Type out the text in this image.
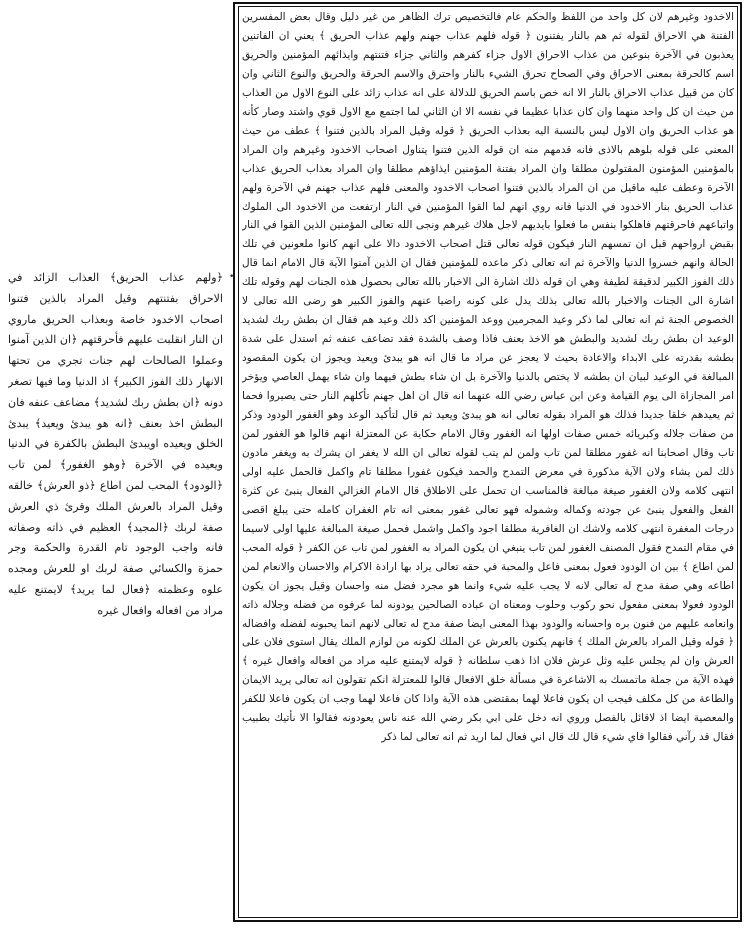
الاخدود وغيرهم لان كل واحد من اللفظ والحكم عام فالتخصيص ترك الظاهر من غير دليل وقال بعض المفسرين الفتنة هي الاحراق لقوله ثم هم بالنار يفتنون ﴿ قوله فلهم عذاب جهنم ولهم عذاب الحريق ﴾ يعني ان الفاتنين يعذبون في الآخرة بنوعين من عذاب الاحراق الاول جزاء كفرهم والثاني جزاء فتنتهم وايذائهم المؤمنين والحريق اسم كالحرقة بمعنى الاحراق وفي الصحاح تحرق الشيء بالنار واحترق والاسم الحرقة والحريق والنوع الثاني وان كان من قبيل عذاب الاحراق بالنار الا انه خص باسم الحريق للدلالة على انه عذاب زائد على النوع الاول من العذاب من حيث ان كل واحد منهما وان كان عذابا عظيما في نفسه الا ان الثاني لما اجتمع مع الاول قوي واشتد وصار كأنه هو عذاب الحريق وان الاول ليس بالنسبة اليه بعذاب الحريق ﴿ قوله وقيل المراد بالذين فتنوا ﴾ عطف من حيث المعنى على قوله بلوهم بالاذى فانه قدمهم منه ان قوله الذين فتنوا يتناول اصحاب الاخدود وغيرهم وان المراد بالمؤمنين المؤمنون المقتولون مطلقا وان المراد بفتنة المؤمنين ايذاؤهم مطلقا وان المراد بعذاب الحريق عذاب الآخرة وعطف عليه ماقيل من ان المراد بالذين فتنوا اصحاب الاخدود والمعنى فلهم عذاب جهنم في الآخرة ولهم عذاب الحريق بنار الاخدود في الدنيا فانه روي انهم لما القوا المؤمنين في النار ارتفعت من الاخدود الى الملوك واتباعهم فاحرقتهم فاهلكوا بنفس ما فعلوا بايديهم لاجل هلاك غيرهم ونجى الله تعالى المؤمنين الذين القوا في النار بقبض ارواحهم قبل ان تمسهم النار فيكون قوله تعالى قتل اصحاب الاخدود دالا على انهم كانوا ملعونين في تلك الحالة وانهم خسروا الدنيا والآخرة ثم انه تعالى ذكر ماعده للمؤمنين فقال ان الذين آمنوا الآية قال الامام انما قال ذلك الفوز الكبير لدقيقة لطيفة وهي ان قوله ذلك اشارة الى الاخبار بالله تعالى بحصول هذه الجنات لهم وقوله تلك اشارة الى الجنات والاخبار بالله تعالى بذلك يدل على كونه راضيا عنهم والفوز الكبير هو رضى الله تعالى لا الخصوص الجنة ثم انه تعالى لما ذكر وعيد المجرمين ووعد المؤمنين اكد ذلك وعيد هم فقال ان بطش ربك لشديد الوعيد ان بطش ربك لشديد والبطش هو الاخذ بعنف فاذا وصف بالشدة فقد تضاعف عنفه ثم استدل على شدة بطشه بقدرته على الابداء والاعادة بحيث لا يعجز عن مراد ما قال انه هو يبدئ ويعيد ويجوز ان يكون المقصود المبالغة في الوعيد لبيان ان بطشه لا يختص بالدنيا والآخرة بل ان شاء بطش فيهما وان شاء يهمل العاصي ويؤخر امر المجازاة الى يوم القيامة وعن ابن عباس رضي الله عنهما انه قال ان اهل جهنم تأكلهم النار حتى يصيروا فحما ثم يعيدهم خلقا جديدا فذلك هو المراد بقوله تعالى انه هو يبدئ ويعيد ثم قال لتأكيد الوعد وهو الغفور الودود وذكر من صفات جلاله وكبريائه خمس صفات اولها انه الغفور وقال الامام حكاية عن المعتزلة انهم قالوا هو الغفور لمن تاب وقال اصحابنا انه غفور مطلقا لمن تاب ولمن لم يتب لقوله تعالى ان الله لا يغفر ان يشرك به ويغفر مادون ذلك لمن يشاء ولان الآية مذكورة في معرض التمدح والحمد فيكون غفورا مطلقا تام واكمل فالحمل عليه اولى انتهى كلامه ولان الغفور صيغة مبالغة فالمناسب ان تحمل على الاطلاق قال الامام الغزالي الفعال ينبئ عن كثرة الفعل والفعول ينبئ عن جودته وكماله وشموله فهو تعالى غفور بمعنى انه تام الغفران كامله حتى يبلغ اقصى درجات المغفرة انتهى كلامه ولاشك ان الغافرية مطلقا اجود واكمل واشمل فحمل صيغة المبالغة عليها اولى لاسيما في مقام التمدح فقول المصنف الغفور لمن تاب ينبغي ان يكون المراد به الغفور لمن تاب عن الكفر ﴿ قوله المحب لمن اطاع ﴾ بين ان الودود فعول بمعنى فاعل والمحبة في حقه تعالى يراد بها ارادة الاكرام والاحسان والانعام لمن اطاعه وهي صفة مدح له تعالى لانه لا يجب عليه شيء وانما هو مجرد فضل منه واحسان وقيل يجوز ان يكون الودود فعولا بمعنى مفعول نحو ركوب وحلوب ومعناه ان عباده الصالحين يودونه لما عرفوه من فضله وجلاله ذاته وانعامه عليهم من فنون بره واحسانه والودود بهذا المعنى ايضا صفة مدح له تعالى لانهم انما يحبونه لفضله وافضاله ﴿ قوله وقيل المراد بالعرش الملك ﴾ فانهم يكنون بالعرش عن الملك لكونه من لوازم الملك يقال استوى فلان على العرش وان لم يجلس عليه وثل عرش فلان اذا ذهب سلطانه ﴿ قوله لايمتنع عليه مراد من افعاله وافعال غيره ﴾ فهذه الآية من جملة ماتمسك به الاشاعرة في مسألة خلق الافعال قالوا للمعتزلة انكم تقولون انه تعالى يريد الايمان والطاعة من كل مكلف فيجب ان يكون فاعلا لهما بمقتضى هذه الآية واذا كان فاعلا لهما وجب ان يكون فاعلا للكفر والمعصية ايضا اذ لاقائل بالفصل وروي انه دخل على ابي بكر رضي الله عنه ناس يعودونه فقالوا الا نأتيك بطبيب فقال قد رآني فقالوا فاي شيء قال لك قال اني فعال لما اريد ثم انه تعالى لما ذكر

•

﴿ولهم عذاب الحريق﴾ العذاب الزائد في الاحراق بفتنتهم وقيل المراد بالذين فتنوا اصحاب الاخدود خاصة وبعذاب الحريق ماروي ان النار انقلبت عليهم فأحرقتهم ﴿ان الذين آمنوا وعملوا الصالحات لهم جنات تجري من تحتها الانهار ذلك الفوز الكبير﴾ اذ الدنيا وما فيها تصغر دونه ﴿ان بطش ربك لشديد﴾ مضاعف عنفه فان البطش اخذ بعنف ﴿انه هو يبدئ ويعيد﴾ يبدئ الخلق ويعيده اويبدئ البطش بالكفرة في الدنيا ويعيده في الآخرة ﴿وهو الغفور﴾ لمن تاب ﴿الودود﴾ المحب لمن اطاع ﴿ذو العرش﴾ خالقه وقيل المراد بالعرش الملك وقرئ ذي العرش صفة لربك ﴿المجيد﴾ العظيم في ذاته وصفاته فانه واجب الوجود تام القدرة والحكمة وجر حمزة والكسائي صفة لربك او للعرش ومجده علوه وعظمته ﴿فعال لما يريد﴾ لايمتنع عليه مراد من افعاله وافعال غيره
